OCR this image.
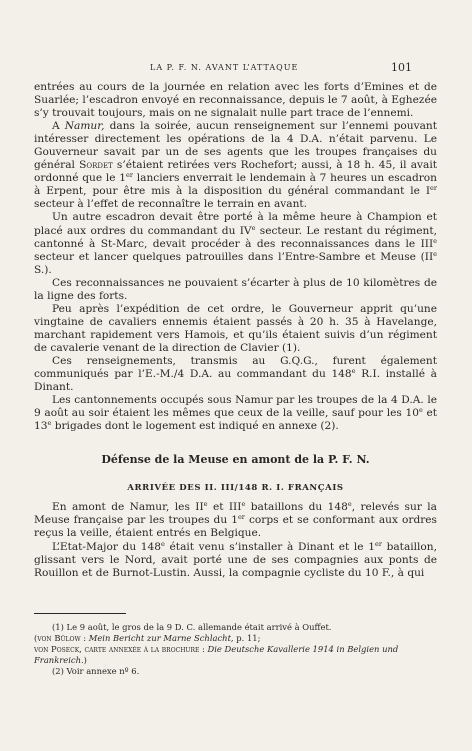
LA P. F. N. AVANT L’ATTAQUE	101

entrées au cours de la journée en relation avec les forts d’Emines et de Suarlée; l’escadron envoyé en reconnaissance, depuis le 7 août, à Eghezée s’y trouvait toujours, mais on ne signalait nulle part trace de l’ennemi.

A Namur, dans la soirée, aucun renseignement sur l’ennemi pouvant intéresser directement les opérations de la 4 D.A. n’était parvenu. Le Gouverneur savait par un de ses agents que les troupes françaises du général Sordet s’étaient retirées vers Rochefort; aussi, à 18 h. 45, il avait ordonné que le 1er lanciers enverrait le lendemain à 7 heures un escadron à Erpent, pour être mis à la disposition du général commandant le Ier secteur à l’effet de reconnaître le terrain en avant.

Un autre escadron devait être porté à la même heure à Champion et placé aux ordres du commandant du IVe secteur. Le restant du régiment, cantonné à St-Marc, devait procéder à des reconnaissances dans le IIIe secteur et lancer quelques patrouilles dans l’Entre-Sambre et Meuse (IIe S.).

Ces reconnaissances ne pouvaient s’écarter à plus de 10 kilomètres de la ligne des forts.

Peu après l’expédition de cet ordre, le Gouverneur apprit qu’une vingtaine de cavaliers ennemis étaient passés à 20 h. 35 à Havelange, marchant rapidement vers Hamois, et qu’ils étaient suivis d’un régiment de cavalerie venant de la direction de Clavier (1).

Ces renseignements, transmis au G.Q.G., furent également communiqués par l’E.-M./4 D.A. au commandant du 148e R.I. installé à Dinant.

Les cantonnements occupés sous Namur par les troupes de la 4 D.A. le 9 août au soir étaient les mêmes que ceux de la veille, sauf pour les 10e et 13e brigades dont le logement est indiqué en annexe (2).

Défense de la Meuse en amont de la P. F. N.
ARRIVÉE DES II. III/148 R. I. FRANÇAIS

En amont de Namur, les IIe et IIIe bataillons du 148e, relevés sur la Meuse française par les troupes du 1er corps et se conformant aux ordres reçus la veille, étaient entrés en Belgique.

L’Etat-Major du 148e était venu s’installer à Dinant et le 1er bataillon, glissant vers le Nord, avait porté une de ses compagnies aux ponts de Rouillon et de Burnot-Lustin. Aussi, la compagnie cycliste du 10 F., à qui

(1) Le 9 août, le gros de la 9 D. C. allemande était arrivé à Ouffet.

(von Bülow : Mein Bericht zur Marne Schlacht, p. 11;

von Poseck, carte annexée à la brochure : Die Deutsche Kavallerie 1914 in Belgien und Frankreich.)

(2) Voir annexe nº 6.
